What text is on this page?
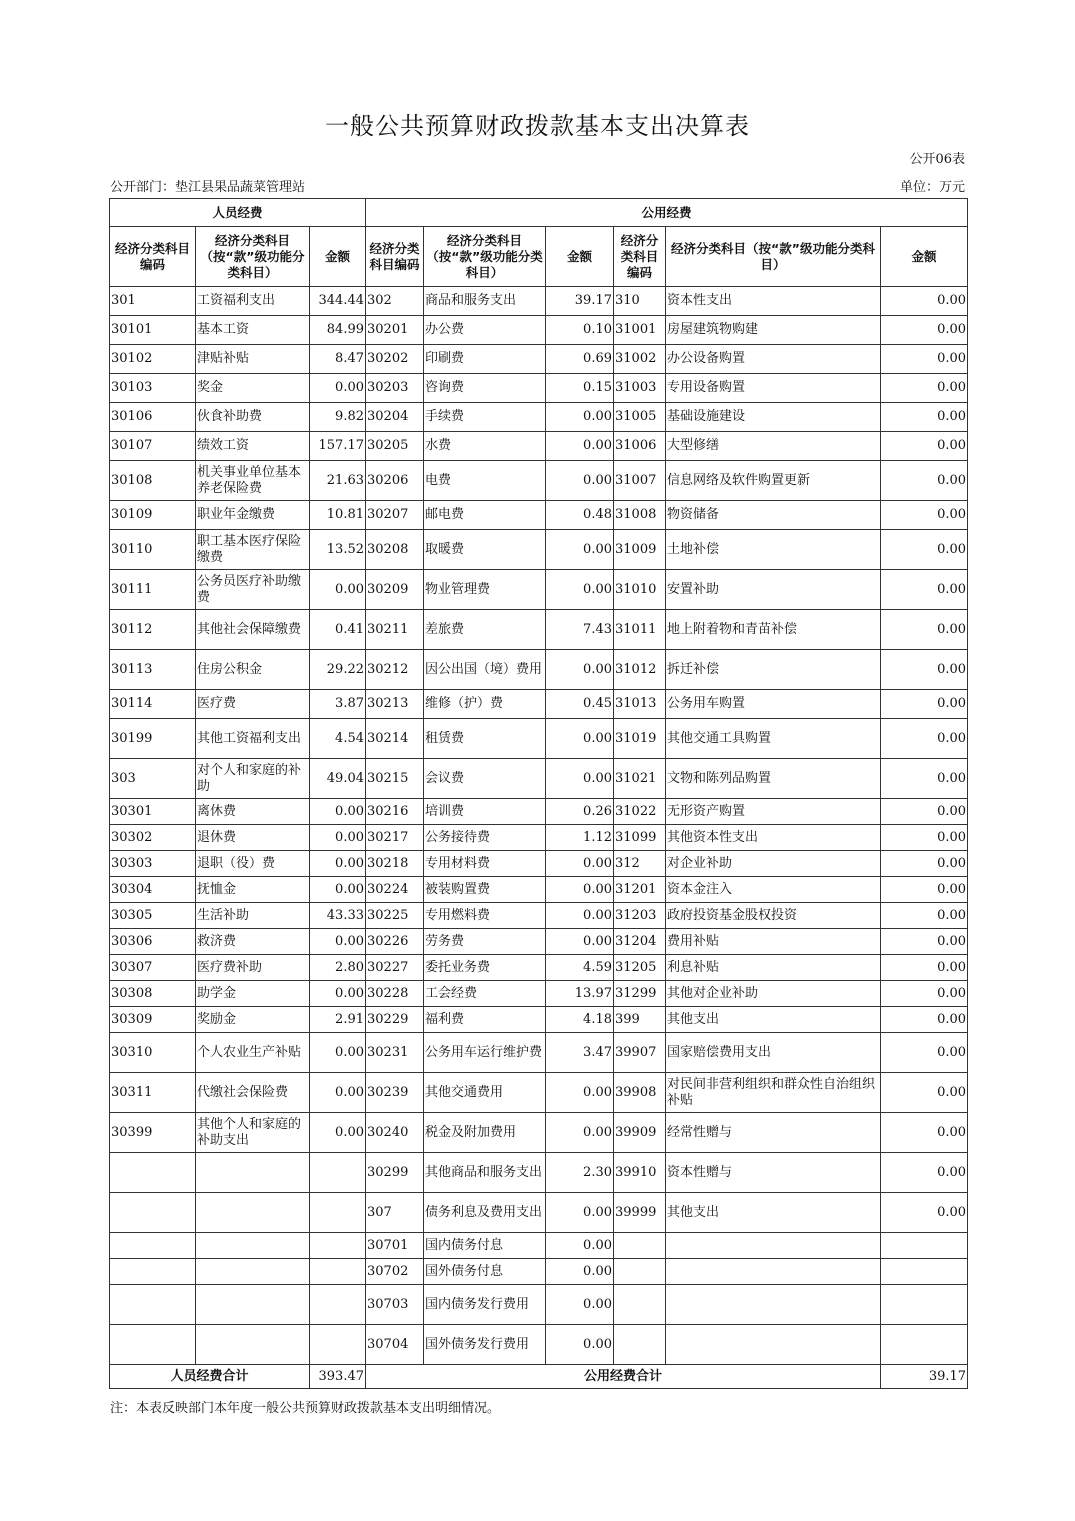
一般公共预算财政拨款基本支出决算表
公开06表
公开部门：垫江县果品蔬菜管理站	单位：万元
人员经费			公用经费					
经济分类科目编码	经济分类科目（按“款”级功能分类科目）	金额	经济分类科目编码	经济分类科目（按“款”级功能分类科目）	金额	经济分类科目编码	经济分类科目（按“款”级功能分类科目）	金额
301	工资福利支出	344.44	302	商品和服务支出	39.17	310	资本性支出	0.00
30101	基本工资	84.99	30201	办公费	0.10	31001	房屋建筑物购建	0.00
30102	津贴补贴	8.47	30202	印刷费	0.69	31002	办公设备购置	0.00
30103	奖金	0.00	30203	咨询费	0.15	31003	专用设备购置	0.00
30106	伙食补助费	9.82	30204	手续费	0.00	31005	基础设施建设	0.00
30107	绩效工资	157.17	30205	水费	0.00	31006	大型修缮	0.00
30108	机关事业单位基本养老保险费	21.63	30206	电费	0.00	31007	信息网络及软件购置更新	0.00
30109	职业年金缴费	10.81	30207	邮电费	0.48	31008	物资储备	0.00
30110	职工基本医疗保险缴费	13.52	30208	取暖费	0.00	31009	土地补偿	0.00
30111	公务员医疗补助缴费	0.00	30209	物业管理费	0.00	31010	安置补助	0.00
30112	其他社会保障缴费	0.41	30211	差旅费	7.43	31011	地上附着物和青苗补偿	0.00
30113	住房公积金	29.22	30212	因公出国（境）费用	0.00	31012	拆迁补偿	0.00
30114	医疗费	3.87	30213	维修（护）费	0.45	31013	公务用车购置	0.00
30199	其他工资福利支出	4.54	30214	租赁费	0.00	31019	其他交通工具购置	0.00
303	对个人和家庭的补助	49.04	30215	会议费	0.00	31021	文物和陈列品购置	0.00
30301	离休费	0.00	30216	培训费	0.26	31022	无形资产购置	0.00
30302	退休费	0.00	30217	公务接待费	1.12	31099	其他资本性支出	0.00
30303	退职（役）费	0.00	30218	专用材料费	0.00	312	对企业补助	0.00
30304	抚恤金	0.00	30224	被装购置费	0.00	31201	资本金注入	0.00
30305	生活补助	43.33	30225	专用燃料费	0.00	31203	政府投资基金股权投资	0.00
30306	救济费	0.00	30226	劳务费	0.00	31204	费用补贴	0.00
30307	医疗费补助	2.80	30227	委托业务费	4.59	31205	利息补贴	0.00
30308	助学金	0.00	30228	工会经费	13.97	31299	其他对企业补助	0.00
30309	奖励金	2.91	30229	福利费	4.18	399	其他支出	0.00
30310	个人农业生产补贴	0.00	30231	公务用车运行维护费	3.47	39907	国家赔偿费用支出	0.00
30311	代缴社会保险费	0.00	30239	其他交通费用	0.00	39908	对民间非营利组织和群众性自治组织补贴	0.00
30399	其他个人和家庭的补助支出	0.00	30240	税金及附加费用	0.00	39909	经常性赠与	0.00
			30299	其他商品和服务支出	2.30	39910	资本性赠与	0.00
			307	债务利息及费用支出	0.00	39999	其他支出	0.00
			30701	国内债务付息	0.00			
			30702	国外债务付息	0.00			
			30703	国内债务发行费用	0.00			
			30704	国外债务发行费用	0.00			
人员经费合计		393.47	公用经费合计					39.17
注：本表反映部门本年度一般公共预算财政拨款基本支出明细情况。
